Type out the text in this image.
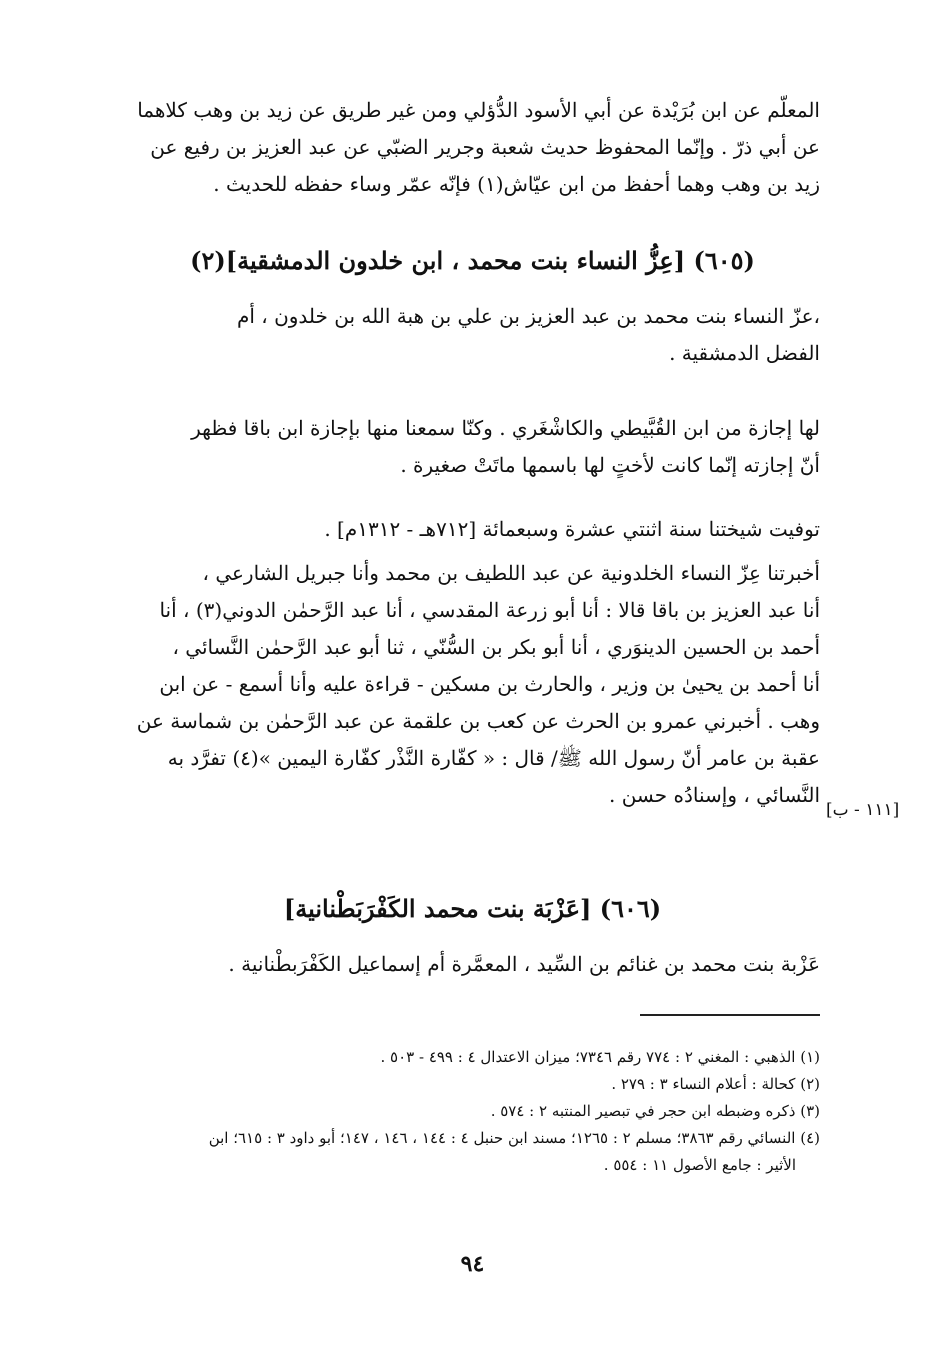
المعلّم عن ابن بُرَيْدة عن أبي الأسود الدُّؤلي ومن غير طريق عن زيد بن وهب كلاهما
عن أبي ذرّ . وإنّما المحفوظ حديث شعبة وجرير الضبّي عن عبد العزيز بن رفيع عن
زيد بن وهب وهما أحفظ من ابن عيّاش(١) فإنّه عمّر وساء حفظه للحديث .
(٦٠٥) [عِزُّ النساء بنت محمد ، ابن خلدون الدمشقية](٢)
،عزّ النساء بنت محمد بن عبد العزيز بن علي بن هبة الله بن خلدون ، أم
الفضل الدمشقية .
لها إجازة من ابن القُبَّيطي والكاشْغَري . وكنّا سمعنا منها بإجازة ابن باقا فظهر
أنّ إجازته إنّما كانت لأختٍ لها باسمها ماتَتْ صغيرة .
توفيت شيختنا سنة اثنتي عشرة وسبعمائة [٧١٢هـ - ١٣١٢م] .
أخبرتنا عِزّ النساء الخلدونية عن عبد اللطيف بن محمد وأنا جبريل الشارعي ،
أنا عبد العزيز بن باقا قالا : أنا أبو زرعة المقدسي ، أنا عبد الرَّحمٰن الدوني(٣) ، أنا
أحمد بن الحسين الدينوَري ، أنا أبو بكر بن السُّنّي ، ثنا أبو عبد الرَّحمٰن النَّسائي ،
أنا أحمد بن يحيىٰ بن وزير ، والحارث بن مسكين - قراءة عليه وأنا أسمع - عن ابن
وهب . أخبرني عمرو بن الحرث عن كعب بن علقمة عن عبد الرَّحمٰن بن شماسة عن
عقبة بن عامر أنّ رسول الله ﷺ/ قال : « كفّارة النَّذْر كفّارة اليمين »(٤) تفرَّد به
النَّسائي ، وإسنادُه حسن .
[١١١ - ب]
(٦٠٦) [عَزْبَة بنت محمد الكَفْرَبَطْنانية]
عَزْبة بنت محمد بن غنائم بن السِّيد ، المعمَّرة أم إسماعيل الكَفْرَبطْنانية .
(١) الذهبي : المغني ٢ : ٧٧٤ رقم ٧٣٤٦؛ ميزان الاعتدال ٤ : ٤٩٩ - ٥٠٣ .
(٢) كحالة : أعلام النساء ٣ : ٢٧٩ .
(٣) ذكره وضبطه ابن حجر في تبصير المنتبه ٢ : ٥٧٤ .
(٤) النسائي رقم ٣٨٦٣؛ مسلم ٢ : ١٢٦٥؛ مسند ابن حنبل ٤ : ١٤٤ ، ١٤٦ ، ١٤٧؛ أبو داود ٣ : ٦١٥؛ ابن
الأثير : جامع الأصول ١١ : ٥٥٤ .
٩٤
